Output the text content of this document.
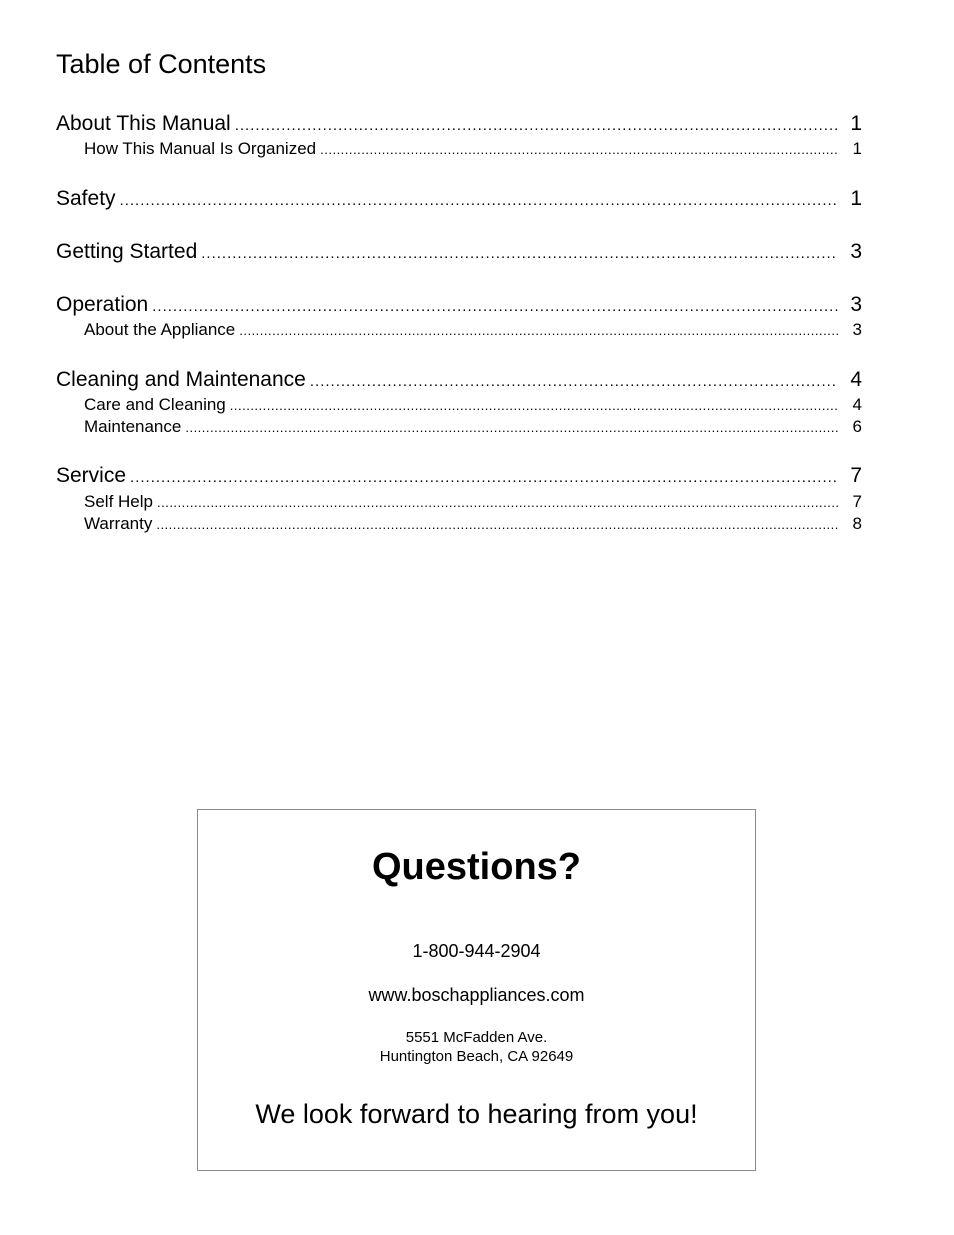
Table of Contents
About This Manual .....	1
How This Manual Is Organized .....	1
Safety .....	1
Getting Started .....	3
Operation .....	3
About the Appliance .....	3
Cleaning and Maintenance .....	4
Care and Cleaning .....	4
Maintenance .....	6
Service .....	7
Self Help .....	7
Warranty .....	8
Questions?
1-800-944-2904
www.boschappliances.com
5551 McFadden Ave.
Huntington Beach, CA 92649
We look forward to hearing from you!
